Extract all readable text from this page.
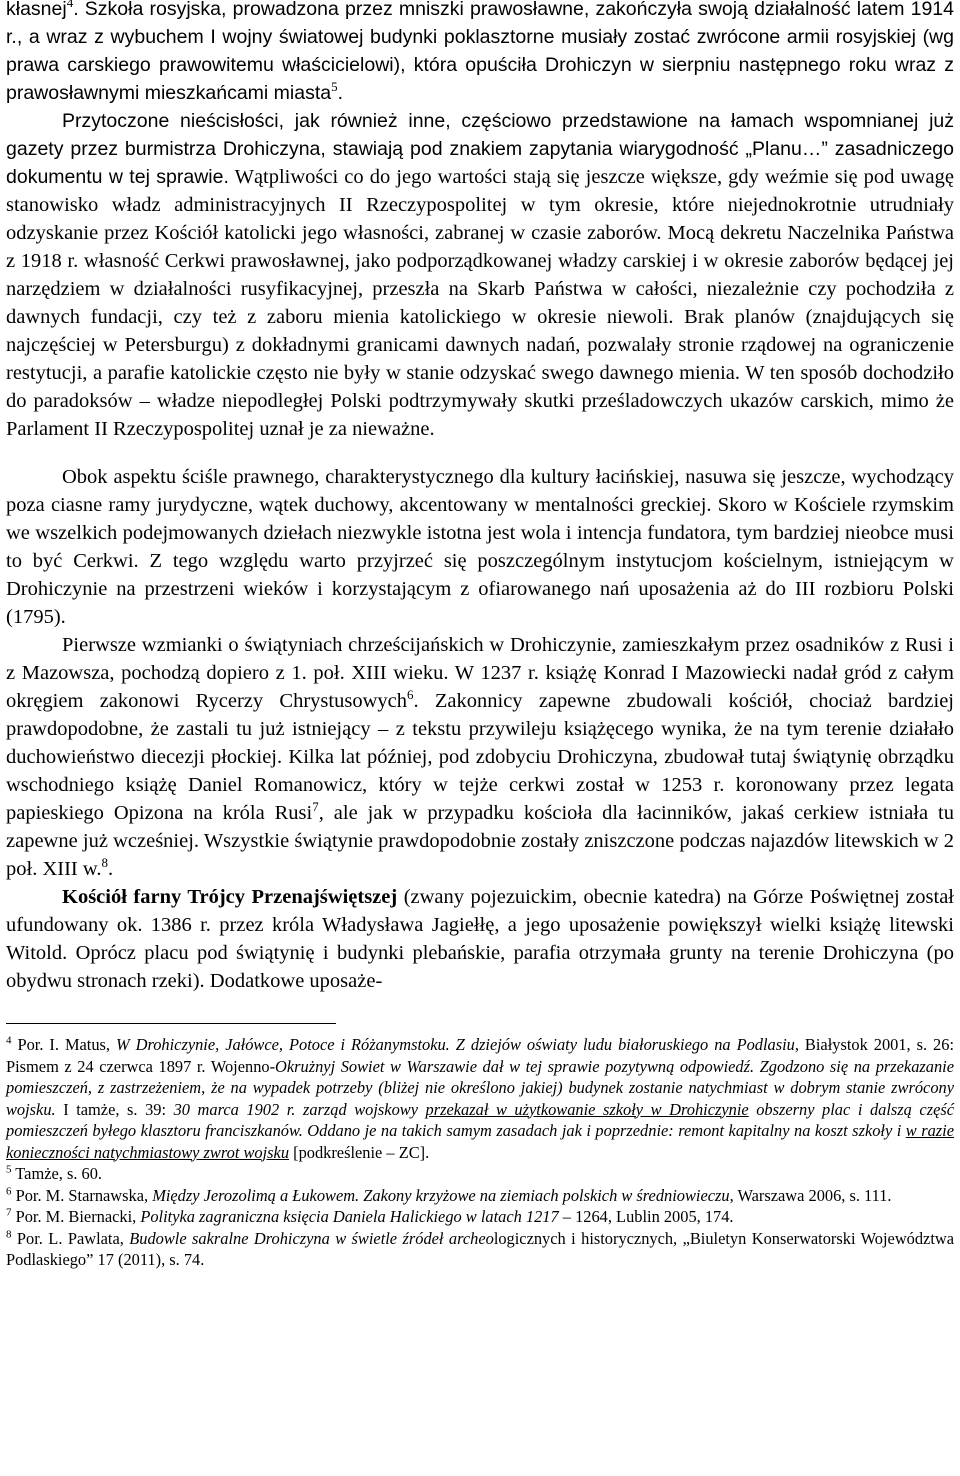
kłasnej$^4$. Szkoła rosyjska, prowadzona przez mniszki prawosławne, zakończyła swoją działalność latem 1914 r., a wraz z wybuchem I wojny światowej budynki poklasztorne musiały zostać zwrócone armii rosyjskiej (wg prawa carskiego prawowitemu właścicielowi), która opuściła Drohiczyn w sierpniu następnego roku wraz z prawosławnymi mieszkańcami miasta$^5$.

Przytoczone nieścisłości, jak również inne, częściowo przedstawione na łamach wspomnianej już gazety przez burmistrza Drohiczyna, stawiają pod znakiem zapytania wiarygodność „Planu…” zasadniczego dokumentu w tej sprawie. Wątpliwości co do jego wartości stają się jeszcze większe, gdy weźmie się pod uwagę stanowisko władz administracyjnych II Rzeczypospolitej w tym okresie, które niejednokrotnie utrudniały odzyskanie przez Kościół katolicki jego własności, zabranej w czasie zaborów. Mocą dekretu Naczelnika Państwa z 1918 r. własność Cerkwi prawosławnej, jako podporządkowanej władzy carskiej i w okresie zaborów będącej jej narzędziem w działalności rusyfikacyjnej, przeszła na Skarb Państwa w całości, niezależnie czy pochodziła z dawnych fundacji, czy też z zaboru mienia katolickiego w okresie niewoli. Brak planów (znajdujących się najczęściej w Petersburgu) z dokładnymi granicami dawnych nadań, pozwalały stronie rządowej na ograniczenie restytucji, a parafie katolickie często nie były w stanie odzyskać swego dawnego mienia. W ten sposób dochodziło do paradoksów – władze niepodległej Polski podtrzymywały skutki prześladowczych ukazów carskich, mimo że Parlament II Rzeczypospolitej uznał je za nieważne.

Obok aspektu ściśle prawnego, charakterystycznego dla kultury łacińskiej, nasuwa się jeszcze, wychodzący poza ciasne ramy jurydyczne, wątek duchowy, akcentowany w mentalności greckiej. Skoro w Kościele rzymskim we wszelkich podejmowanych dziełach niezwykle istotna jest wola i intencja fundatora, tym bardziej nieobce musi to być Cerkwi. Z tego względu warto przyjrzeć się poszczególnym instytucjom kościelnym, istniejącym w Drohiczynie na przestrzeni wieków i korzystającym z ofiarowanego nań uposażenia aż do III rozbioru Polski (1795).

Pierwsze wzmianki o świątyniach chrześcijańskich w Drohiczynie, zamieszkałym przez osadników z Rusi i z Mazowsza, pochodzą dopiero z 1. poł. XIII wieku. W 1237 r. książę Konrad I Mazowiecki nadał gród z całym okręgiem zakonowi Rycerzy Chrystusowych$^6$. Zakonnicy zapewne zbudowali kościół, chociaż bardziej prawdopodobne, że zastali tu już istniejący – z tekstu przywileju książęcego wynika, że na tym terenie działało duchowieństwo diecezji płockiej. Kilka lat później, pod zdobyciu Drohiczyna, zbudował tutaj świątynię obrządku wschodniego książę Daniel Romanowicz, który w tejże cerkwi został w 1253 r. koronowany przez legata papieskiego Opizona na króla Rusi$^7$, ale jak w przypadku kościoła dla łacinników, jakaś cerkiew istniała tu zapewne już wcześniej. Wszystkie świątynie prawdopodobnie zostały zniszczone podczas najazdów litewskich w 2 poł. XIII w.$^8$.

Kościół farny Trójcy Przenajświętszej (zwany pojezuickim, obecnie katedra) na Górze Poświętnej został ufundowany ok. 1386 r. przez króla Władysława Jagiełłę, a jego uposażenie powiększył wielki książę litewski Witold. Oprócz placu pod świątynię i budynki plebańskie, parafia otrzymała grunty na terenie Drohiczyna (po obydwu stronach rzeki). Dodatkowe uposaże-

$^4$ Por. I. Matus, W Drohiczynie, Jałówce, Potoce i Różanymstoku. Z dziejów oświaty ludu białoruskiego na Podlasiu, Białystok 2001, s. 26: Pismem z 24 czerwca 1897 r. Wojenno-Okrużnyj Sowiet w Warszawie dał w tej sprawie pozytywną odpowiedź. Zgodzono się na przekazanie pomieszczeń, z zastrzeżeniem, że na wypadek potrzeby (bliżej nie określono jakiej) budynek zostanie natychmiast w dobrym stanie zwrócony wojsku. I tamże, s. 39: 30 marca 1902 r. zarząd wojskowy przekazał w użytkowanie szkoły w Drohiczynie obszerny plac i dalszą część pomieszczeń byłego klasztoru franciszkanów. Oddano je na takich samym zasadach jak i poprzednie: remont kapitalny na koszt szkoły i w razie konieczności natychmiastowy zwrot wojsku [podkreślenie – ZC].

$^5$ Tamże, s. 60.

$^6$ Por. M. Starnawska, Między Jerozolimą a Łukowem. Zakony krzyżowe na ziemiach polskich w średniowieczu, Warszawa 2006, s. 111.

$^7$ Por. M. Biernacki, Polityka zagraniczna księcia Daniela Halickiego w latach 1217 – 1264, Lublin 2005, 174.

$^8$ Por. L. Pawlata, Budowle sakralne Drohiczyna w świetle źródeł archeologicznych i historycznych, „Biuletyn Konserwatorski Województwa Podlaskiego” 17 (2011), s. 74.
